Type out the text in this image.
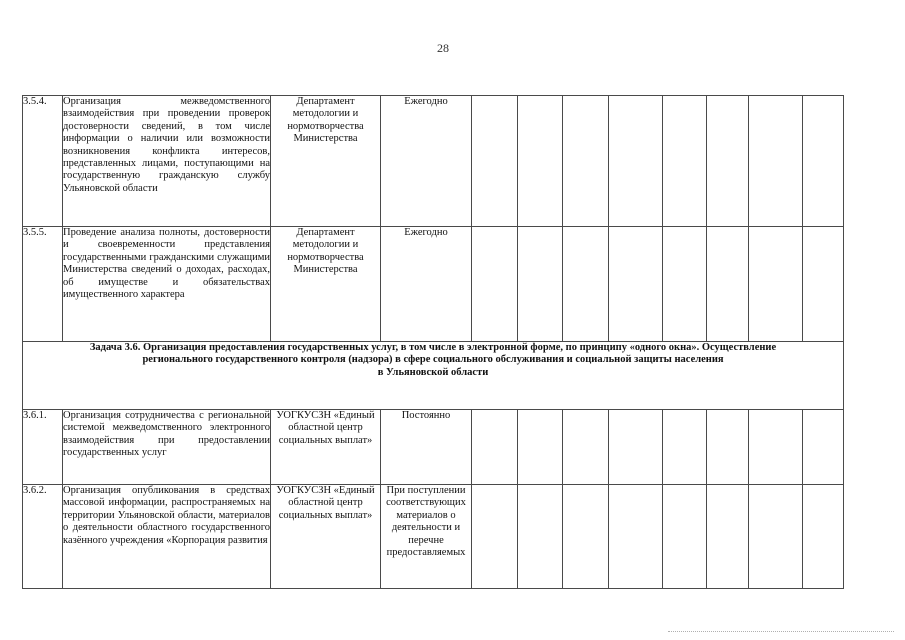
28
3.5.4.	Организация межведомственного взаимодействия при проведении проверок достоверности сведений, в том числе информации о наличии или возможности возникновения конфликта интересов, представленных лицами, поступающими на государственную гражданскую службу Ульяновской области	Департамент методологии и нормотворчества Министерства	Ежегодно								
3.5.5.	Проведение анализа полноты, достоверности и своевременности представления государственными гражданскими служащими Министерства сведений о доходах, расходах, об имуществе и обязательствах имущественного характера	Департамент методологии и нормотворчества Министерства	Ежегодно								
Задача 3.6. Организация предоставления государственных услуг, в том числе в электронной форме, по принципу «одного окна». Осуществление
регионального государственного контроля (надзора) в сфере социального обслуживания и социальной защиты населения
в Ульяновской области											
3.6.1.	Организация сотрудничества с региональной системой межведомственного электронного взаимодействия при предоставлении государственных услуг	УОГКУСЗН «Единый областной центр социальных выплат»	Постоянно								
3.6.2.	Организация опубликования в средствах массовой информации, распространяемых на территории Ульяновской области, материалов о деятельности областного государственного казённого учреждения «Корпорация развития	УОГКУСЗН «Единый областной центр социальных выплат»	При поступлении соответствующих материалов о деятельности и перечне предоставляемых								
